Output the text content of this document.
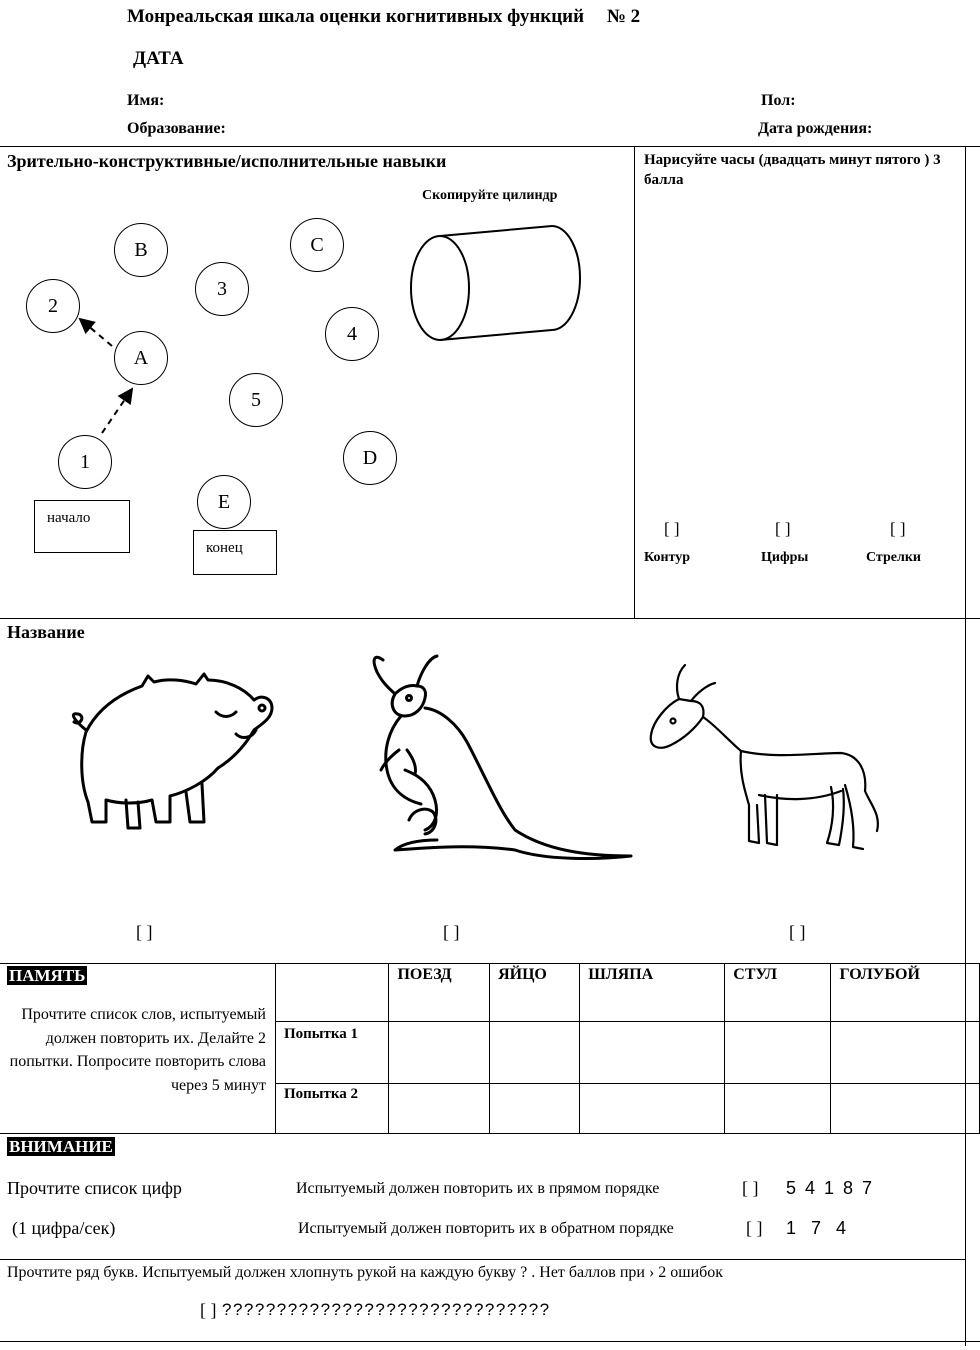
Монреальская шкала оценки когнитивных функций № 2
ДАТА
Имя:	Пол:
Образование:	Дата рождения:
Зрительно-конструктивные/исполнительные навыки
Скопируйте цилиндр
B	C
2
3
4
A
5
1	D
E
начало
конец
Нарисуйте часы (двадцать минут пятого ) 3 балла
[ ]	[ ]	[ ]
Контур	Цифры	Стрелки
Название
[ ]	[ ]	[ ]
ПАМЯТЬ
Прочтите список слов, испытуемый должен повторить их. Делайте 2 попытки. Попросите повторить слова через 5 минут
	ПОЕЗД	ЯЙЦО	ШЛЯПА	СТУЛ	ГОЛУБОЙ
Попытка 1					
Попытка 2					
ВНИМАНИЕ
Прочтите список цифр
(1 цифра/сек)
Испытуемый должен повторить их в прямом порядке	[ ] 5 4 1 8 7
Испытуемый должен повторить их в обратном порядке	[ ] 1   7   4
Прочтите ряд букв. Испытуемый должен хлопнуть рукой на каждую букву ? . Нет баллов при › 2 ошибок
[ ] ??????????????????????????????
